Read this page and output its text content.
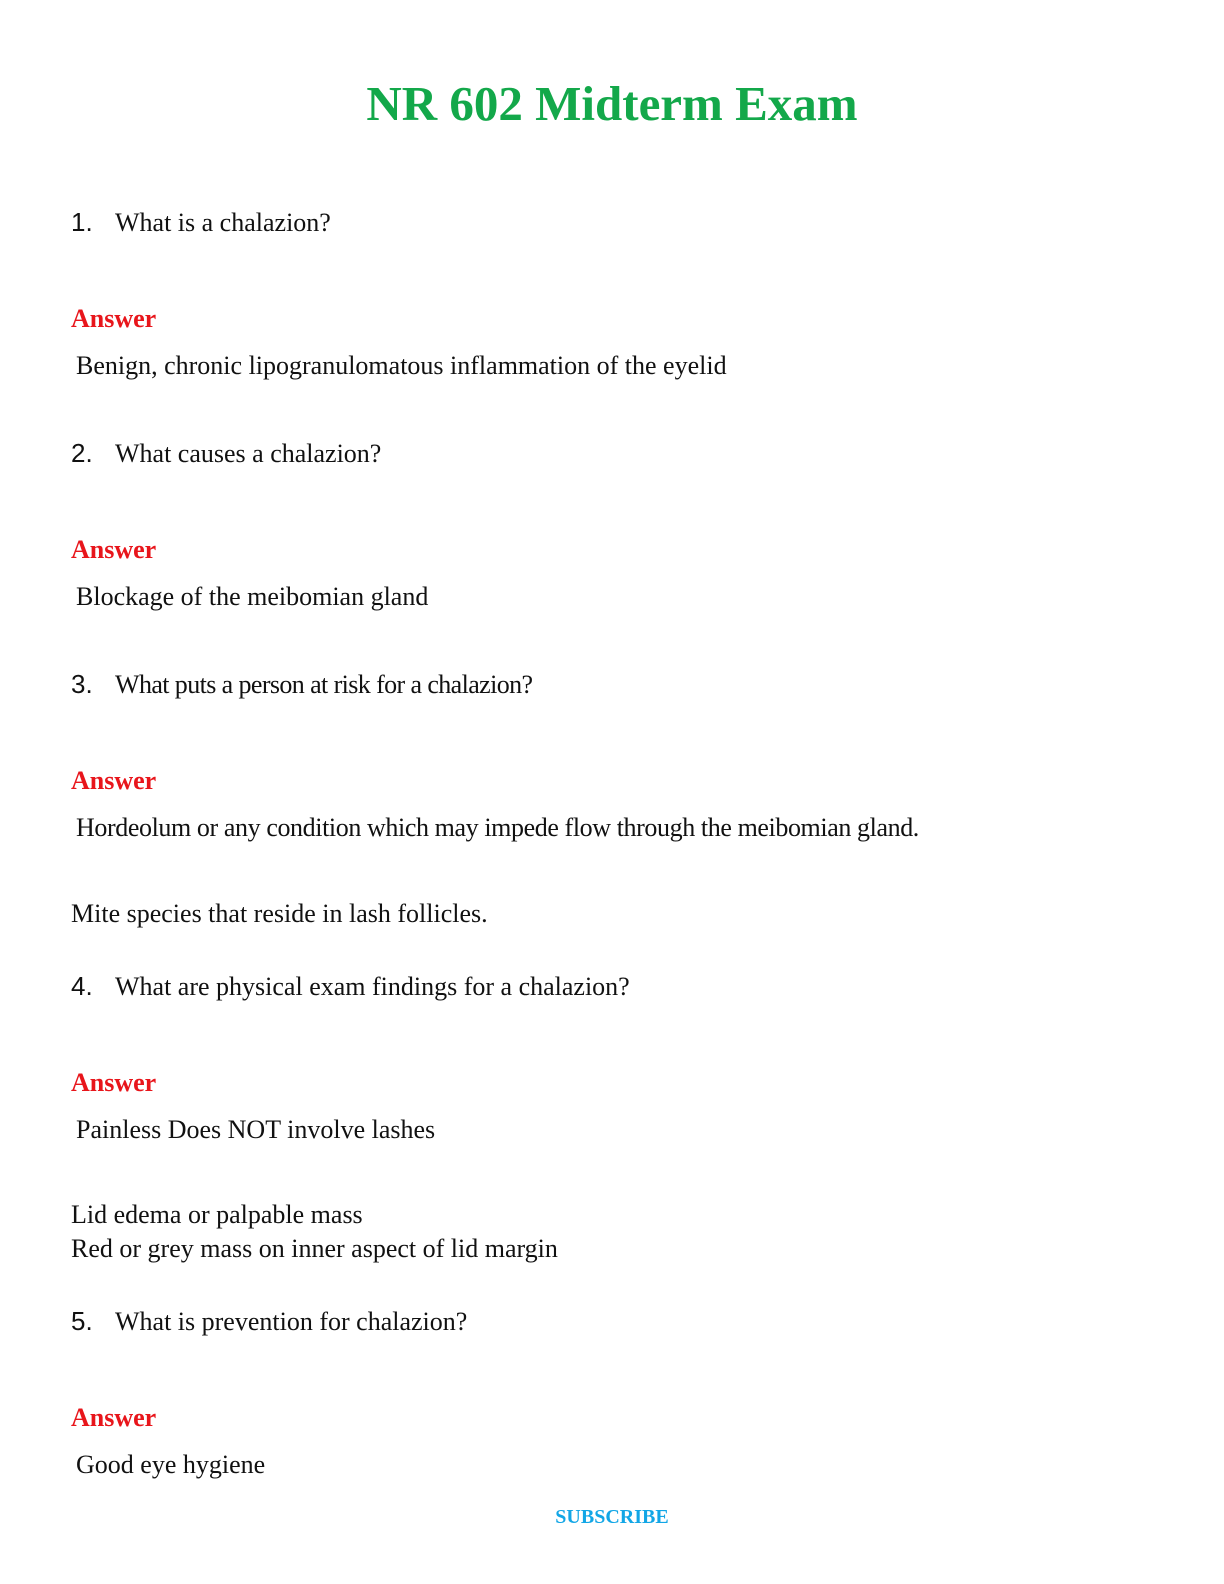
NR 602 Midterm Exam
1. What is a chalazion?
Answer
Benign, chronic lipogranulomatous inflammation of the eyelid
2. What causes a chalazion?
Answer
Blockage of the meibomian gland
3. What puts a person at risk for a chalazion?
Answer
Hordeolum or any condition which may impede flow through the meibomian gland.
Mite species that reside in lash follicles.
4. What are physical exam findings for a chalazion?
Answer
Painless Does NOT involve lashes
Lid edema or palpable mass
Red or grey mass on inner aspect of lid margin
5. What is prevention for chalazion?
Answer
Good eye hygiene
SUBSCRIBE
